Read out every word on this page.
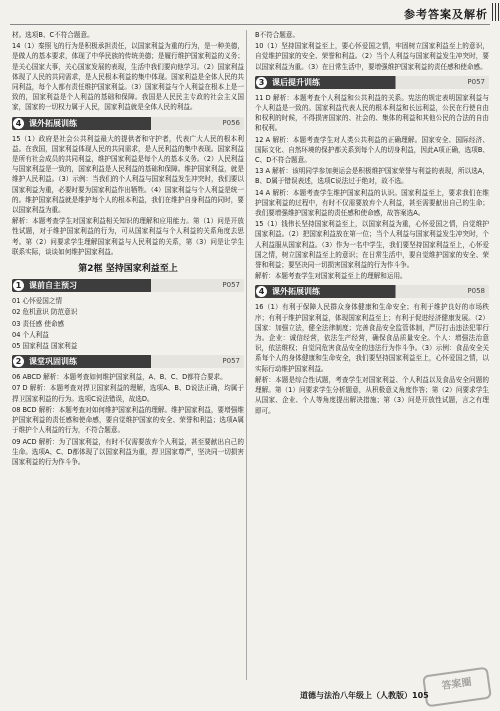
参考答案及解析

材。选项B、C不符合题意。

14（1）秦照飞的行为是积极承担责任，以国家利益为重的行为，是一种美德，是做人的基本要求，体现了中华民族的传统美德；是履行维护国家利益的义务；是关心国家大事，关心国家发展的表现，生活中我们要向他学习。（2）国家利益体现了人民的共同需求，是人民根本利益的集中体现。国家利益是全体人民的共同利益，每个人都有责任维护国家利益。（3）国家利益与个人利益在根本上是一致的，国家利益是个人利益的基础和保障。我国是人民民主专政的社会主义国家，国家的一切权力属于人民，国家利益就是全体人民的利益。

4 课外拓展训练	P056

15（1）政府是社会公共利益最大的提供者和守护者，代表广大人民的根本利益。在我国，国家利益体现人民的共同需求，是人民利益的集中表现。国家利益是所有社会成员的共同利益，维护国家利益是每个人的基本义务。（2）人民利益与国家利益是一致的，国家利益是人民利益的基础和保障。维护国家利益，就是维护人民利益。（3）示例：当我们的个人利益与国家利益发生冲突时，我们要以国家利益为重，必要时要为国家利益作出牺牲。（4）国家利益与个人利益是统一的。维护国家利益就是维护每个人的根本利益，我们在维护自身利益的同时，要以国家利益为重。

解析：本题考查学生对国家利益相关知识的理解和应用能力。第（1）问是开放性试题，对于维护国家利益的行为，可从国家利益与个人利益的关系角度去思考。第（2）问要求学生理解国家利益与人民利益的关系，第（3）问是让学生联系实际，谈谈如何维护国家利益。

第2框 坚持国家利益至上
1 课前自主预习	P057

01 心怀爱国之情

02 危机意识 防范意识

03 责任感 使命感

04 个人利益

05 国家利益 国家利益

2 课堂巩固训练	P057

06 ABCD 解析：本题考查如何维护国家利益，A、B、C、D都符合要求。

07 D 解析：本题考查对捍卫国家利益的理解，选项A、B、D说法正确，均属于捍卫国家利益的行为。选项C说法错误，故选D。

08 BCD 解析：本题考查对如何维护国家利益的理解。维护国家利益，要增强维护国家利益的责任感和使命感，要自觉维护国家的安全、荣誉和利益；选项A属于维护个人利益的行为，不符合题意。

09 ACD 解析：为了国家利益，有时不仅需要放弃个人利益，甚至要献出自己的生命。选项A、C、D都体现了以国家利益为重，捍卫国家尊严，坚决同一切损害国家利益的行为作斗争。

B不符合题意。

10（1）坚持国家利益至上，要心怀爱国之情，牢固树立国家利益至上的意识，自觉维护国家的安全、荣誉和利益。（2）当个人利益与国家利益发生冲突时，要以国家利益为重。（3）在日常生活中，要增强维护国家利益的责任感和使命感。

3 课后提升训练	P057

11 D 解析：本题考查个人利益和公共利益的关系。宪法的规定表明国家利益与个人利益是一致的。国家利益代表人民的根本利益和长远利益，公民在行使自由和权利的时候，不得损害国家的、社会的、集体的利益和其他公民的合法的自由和权利。

12 A 解析：本题考查学生对人类公共利益的正确理解。国家安全、国际经济、国际文化、自然环境的保护都关系到每个人的切身利益，因此A项正确，选项B、C、D不符合题意。

13 A 解析：该明同学参加奥运会是积极维护国家荣誉与利益的表现，所以选A，B、D属于错误表述，选项C说法过于绝对，故不选。

14 A 解析：本题考查学生维护国家利益的认识。国家利益至上，要求我们在维护国家利益的过程中，有时不仅需要放弃个人利益，甚至需要献出自己的生命；我们要增强维护国家利益的责任感和使命感，故答案选A。

15（1）钱伟长坚持国家利益至上，以国家利益为重，心怀爱国之情，自觉维护国家利益。（2）把国家利益放在第一位；当个人利益与国家利益发生冲突时，个人利益服从国家利益。（3）作为一名中学生，我们要坚持国家利益至上，心怀爱国之情，树立国家利益至上的意识；在日常生活中，要自觉维护国家的安全、荣誉和利益；要坚决同一切损害国家利益的行为作斗争。

解析：本题考查学生对国家利益至上的理解和运用。

4 课外拓展训练	P058

16（1）有利于保障人民群众身体健康和生命安全；有利于维护良好的市场秩序；有利于维护国家利益，体现国家利益至上；有利于促进经济健康发展。（2）国家：加强立法，健全法律制度；完善食品安全监管体制，严厉打击违法犯罪行为。企业：诚信经营，依法生产经营，确保食品质量安全。个人：增强法治意识，依法维权；自觉同危害食品安全的违法行为作斗争。（3）示例：食品安全关系每个人的身体健康和生命安全，我们要坚持国家利益至上，心怀爱国之情，以实际行动维护国家利益。

解析：本题是综合性试题，考查学生对国家利益、个人利益以及食品安全问题的理解。第（1）问要求学生分析题意，从积极意义角度作答；第（2）问要求学生从国家、企业、个人等角度提出解决措施；第（3）问是开放性试题，言之有理即可。

道德与法治八年级上（人教版）105
答案圈
